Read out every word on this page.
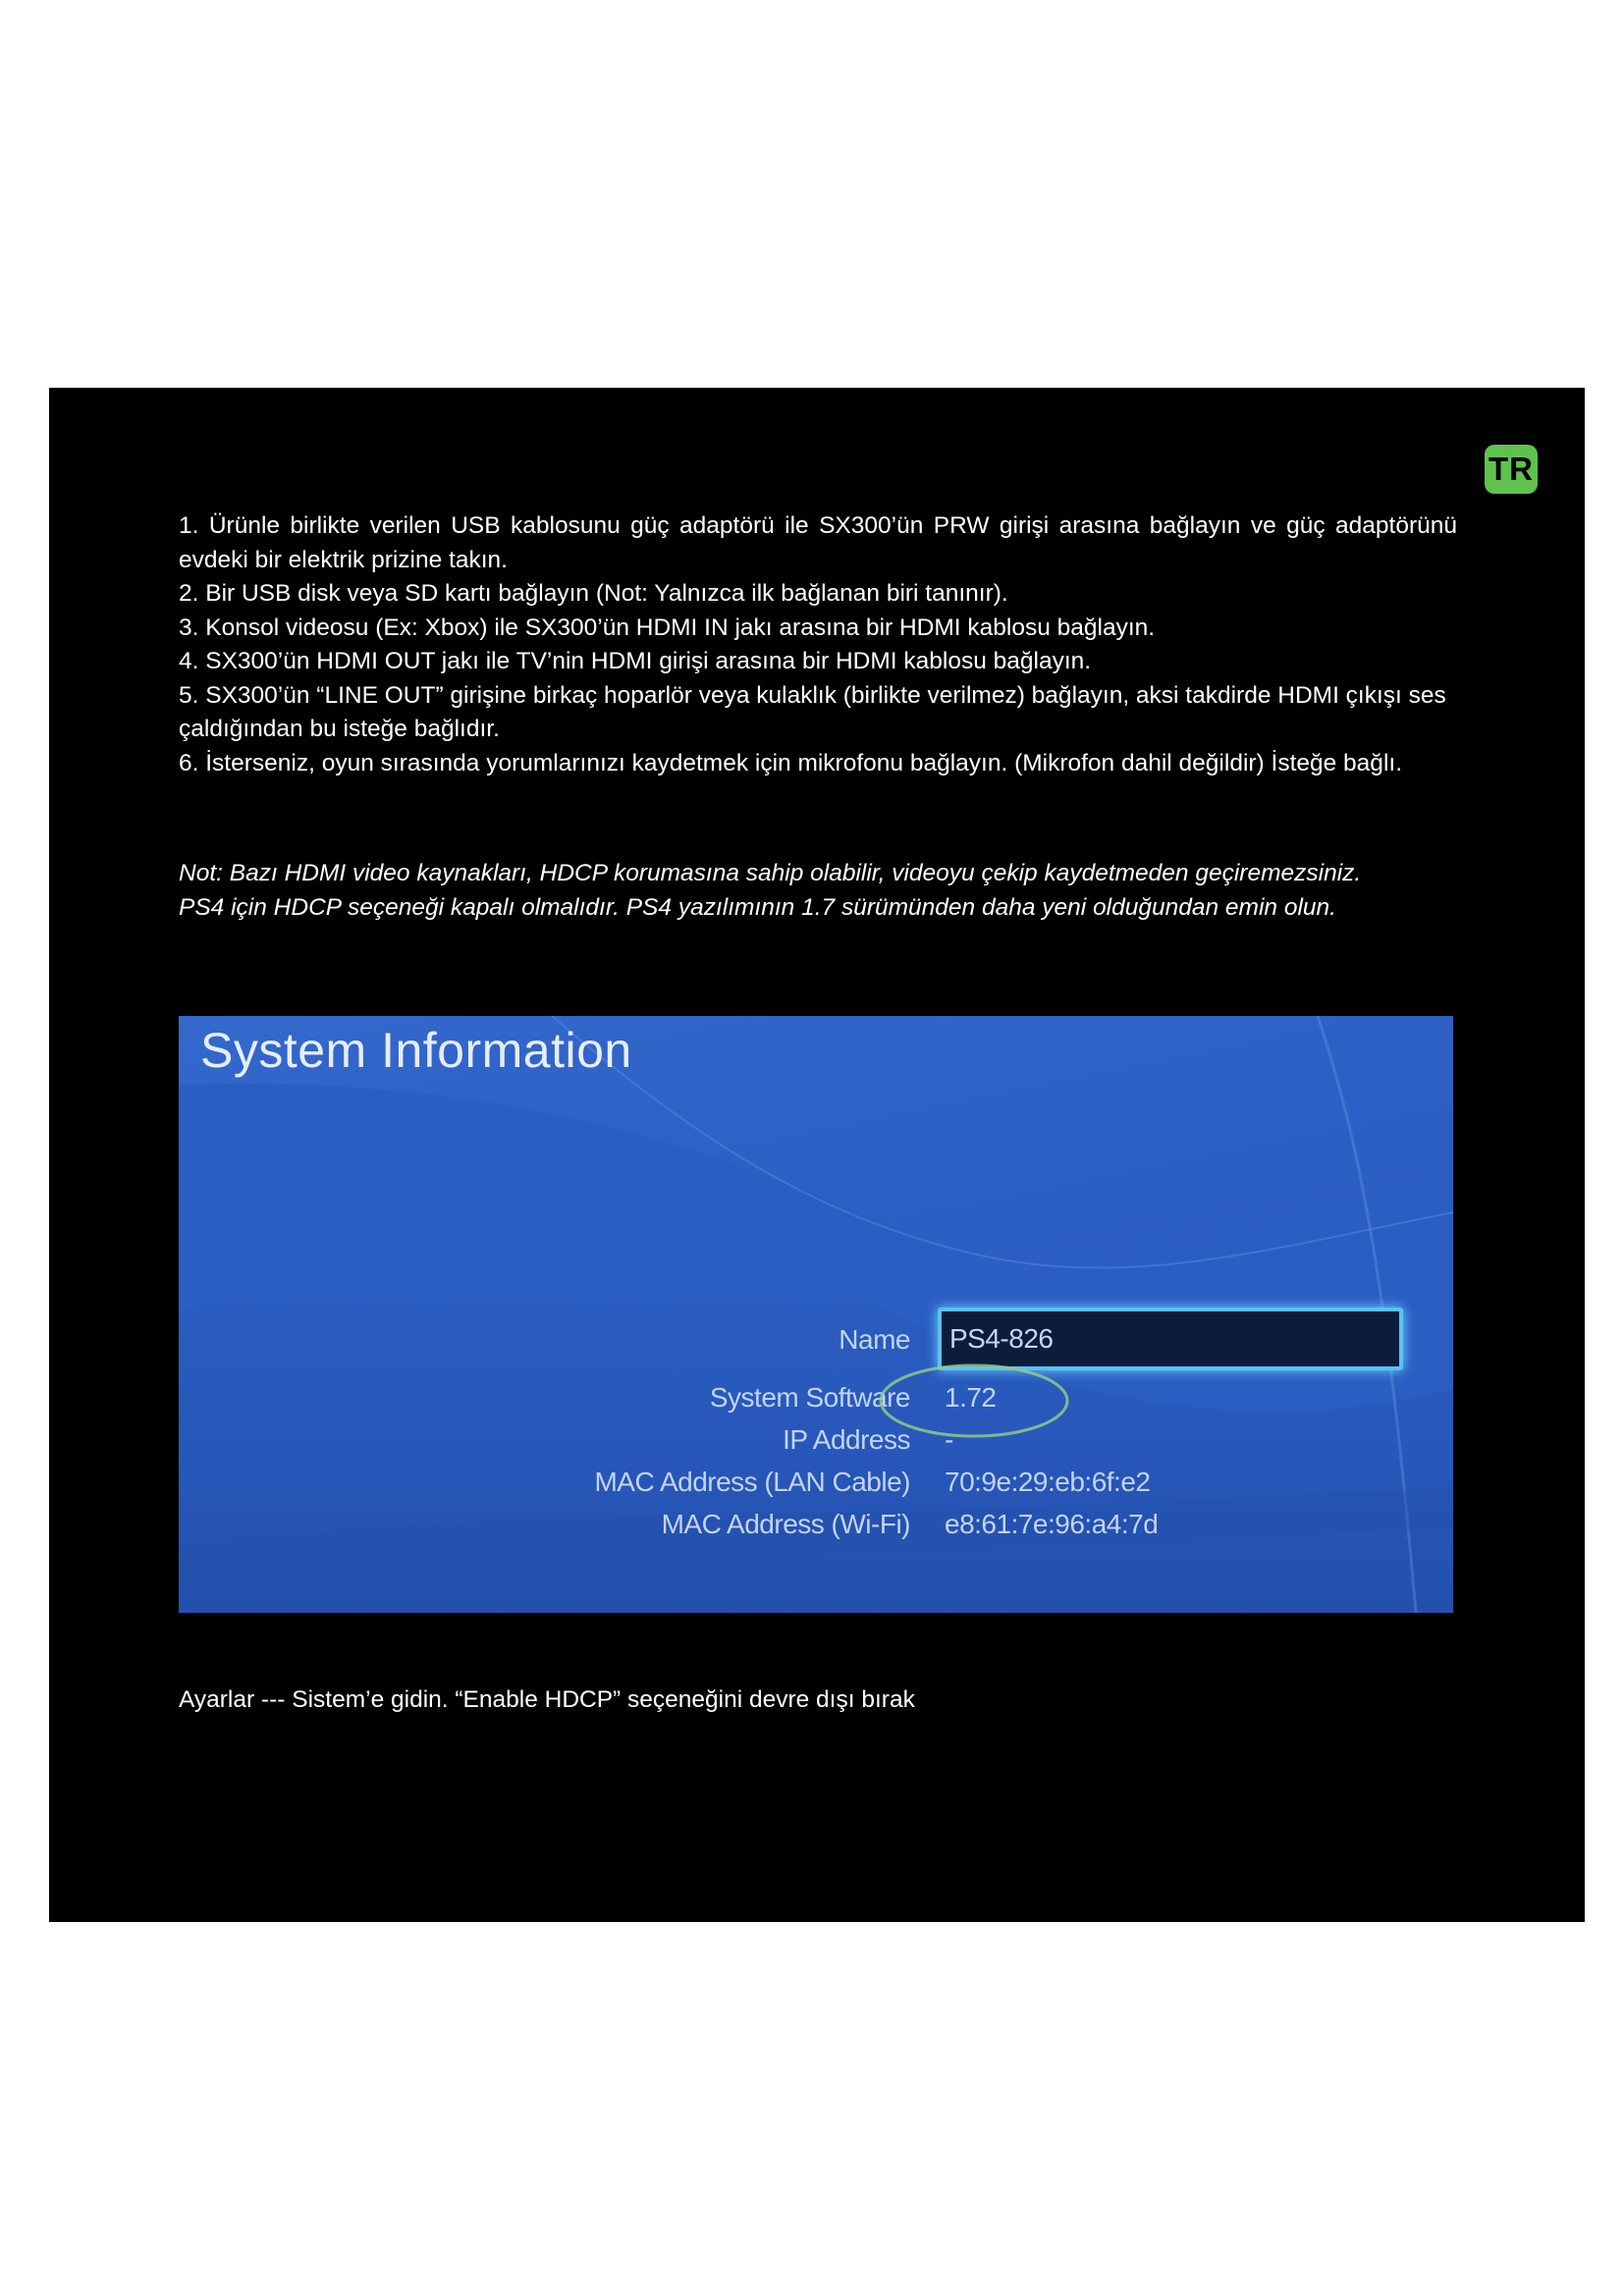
TR

1. Ürünle birlikte verilen USB kablosunu güç adaptörü ile SX300’ün PRW girişi arasına bağlayın ve güç adaptörünü evdeki bir elektrik prizine takın.

2. Bir USB disk veya SD kartı bağlayın (Not: Yalnızca ilk bağlanan biri tanınır).

3. Konsol videosu (Ex: Xbox) ile SX300’ün HDMI IN jakı arasına bir HDMI kablosu bağlayın.

4. SX300’ün HDMI OUT jakı ile TV’nin HDMI girişi arasına bir HDMI kablosu bağlayın.

5. SX300’ün “LINE OUT” girişine birkaç hoparlör veya kulaklık (birlikte verilmez) bağlayın, aksi takdirde HDMI çıkışı ses çaldığından bu isteğe bağlıdır.

6. İsterseniz, oyun sırasında yorumlarınızı kaydetmek için mikrofonu bağlayın. (Mikrofon dahil değildir) İsteğe bağlı.

Not: Bazı HDMI video kaynakları, HDCP korumasına sahip olabilir, videoyu çekip kaydetmeden geçiremezsiniz.

PS4 için HDCP seçeneği kapalı olmalıdır. PS4 yazılımının 1.7 sürümünden daha yeni olduğundan emin olun.

System Information
Name	PS4-826
System Software 1.72
IP Address -
MAC Address (LAN Cable) 70:9e:29:eb:6f:e2
MAC Address (Wi-Fi) e8:61:7e:96:a4:7d
Ayarlar --- Sistem’e gidin. “Enable HDCP” seçeneğini devre dışı bırak
